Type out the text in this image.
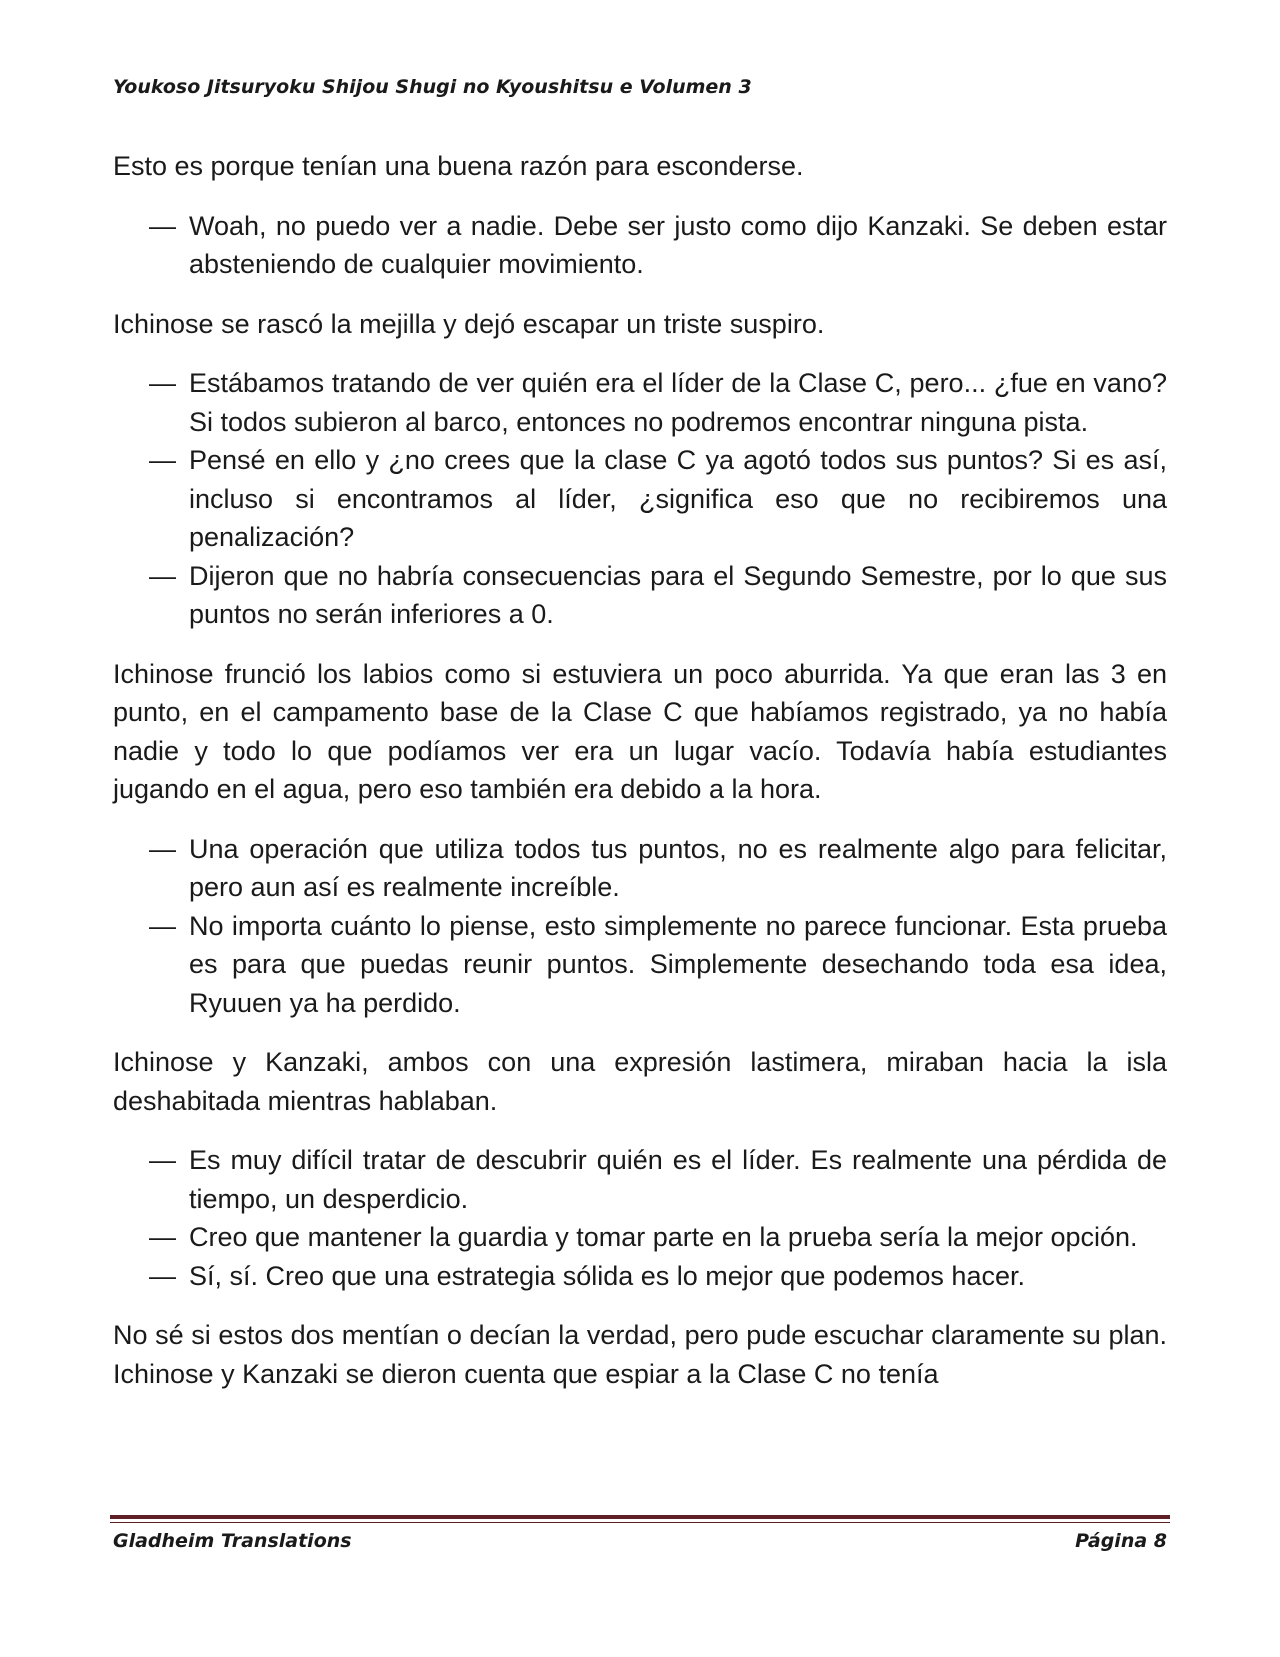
Youkoso Jitsuryoku Shijou Shugi no Kyoushitsu e Volumen 3

Esto es porque tenían una buena razón para esconderse.

— Woah, no puedo ver a nadie. Debe ser justo como dijo Kanzaki. Se deben estar absteniendo de cualquier movimiento.

Ichinose se rascó la mejilla y dejó escapar un triste suspiro.

— Estábamos tratando de ver quién era el líder de la Clase C, pero... ¿fue en vano? Si todos subieron al barco, entonces no podremos encontrar ninguna pista.
— Pensé en ello y ¿no crees que la clase C ya agotó todos sus puntos? Si es así, incluso si encontramos al líder, ¿significa eso que no recibiremos una penalización?
— Dijeron que no habría consecuencias para el Segundo Semestre, por lo que sus puntos no serán inferiores a 0.

Ichinose frunció los labios como si estuviera un poco aburrida. Ya que eran las 3 en punto, en el campamento base de la Clase C que habíamos registrado, ya no había nadie y todo lo que podíamos ver era un lugar vacío. Todavía había estudiantes jugando en el agua, pero eso también era debido a la hora.

— Una operación que utiliza todos tus puntos, no es realmente algo para felicitar, pero aun así es realmente increíble.
— No importa cuánto lo piense, esto simplemente no parece funcionar. Esta prueba es para que puedas reunir puntos. Simplemente desechando toda esa idea, Ryuuen ya ha perdido.

Ichinose y Kanzaki, ambos con una expresión lastimera, miraban hacia la isla deshabitada mientras hablaban.

— Es muy difícil tratar de descubrir quién es el líder. Es realmente una pérdida de tiempo, un desperdicio.
— Creo que mantener la guardia y tomar parte en la prueba sería la mejor opción.
— Sí, sí. Creo que una estrategia sólida es lo mejor que podemos hacer.

No sé si estos dos mentían o decían la verdad, pero pude escuchar claramente su plan. Ichinose y Kanzaki se dieron cuenta que espiar a la Clase C no tenía

Gladheim Translations	Página 8
